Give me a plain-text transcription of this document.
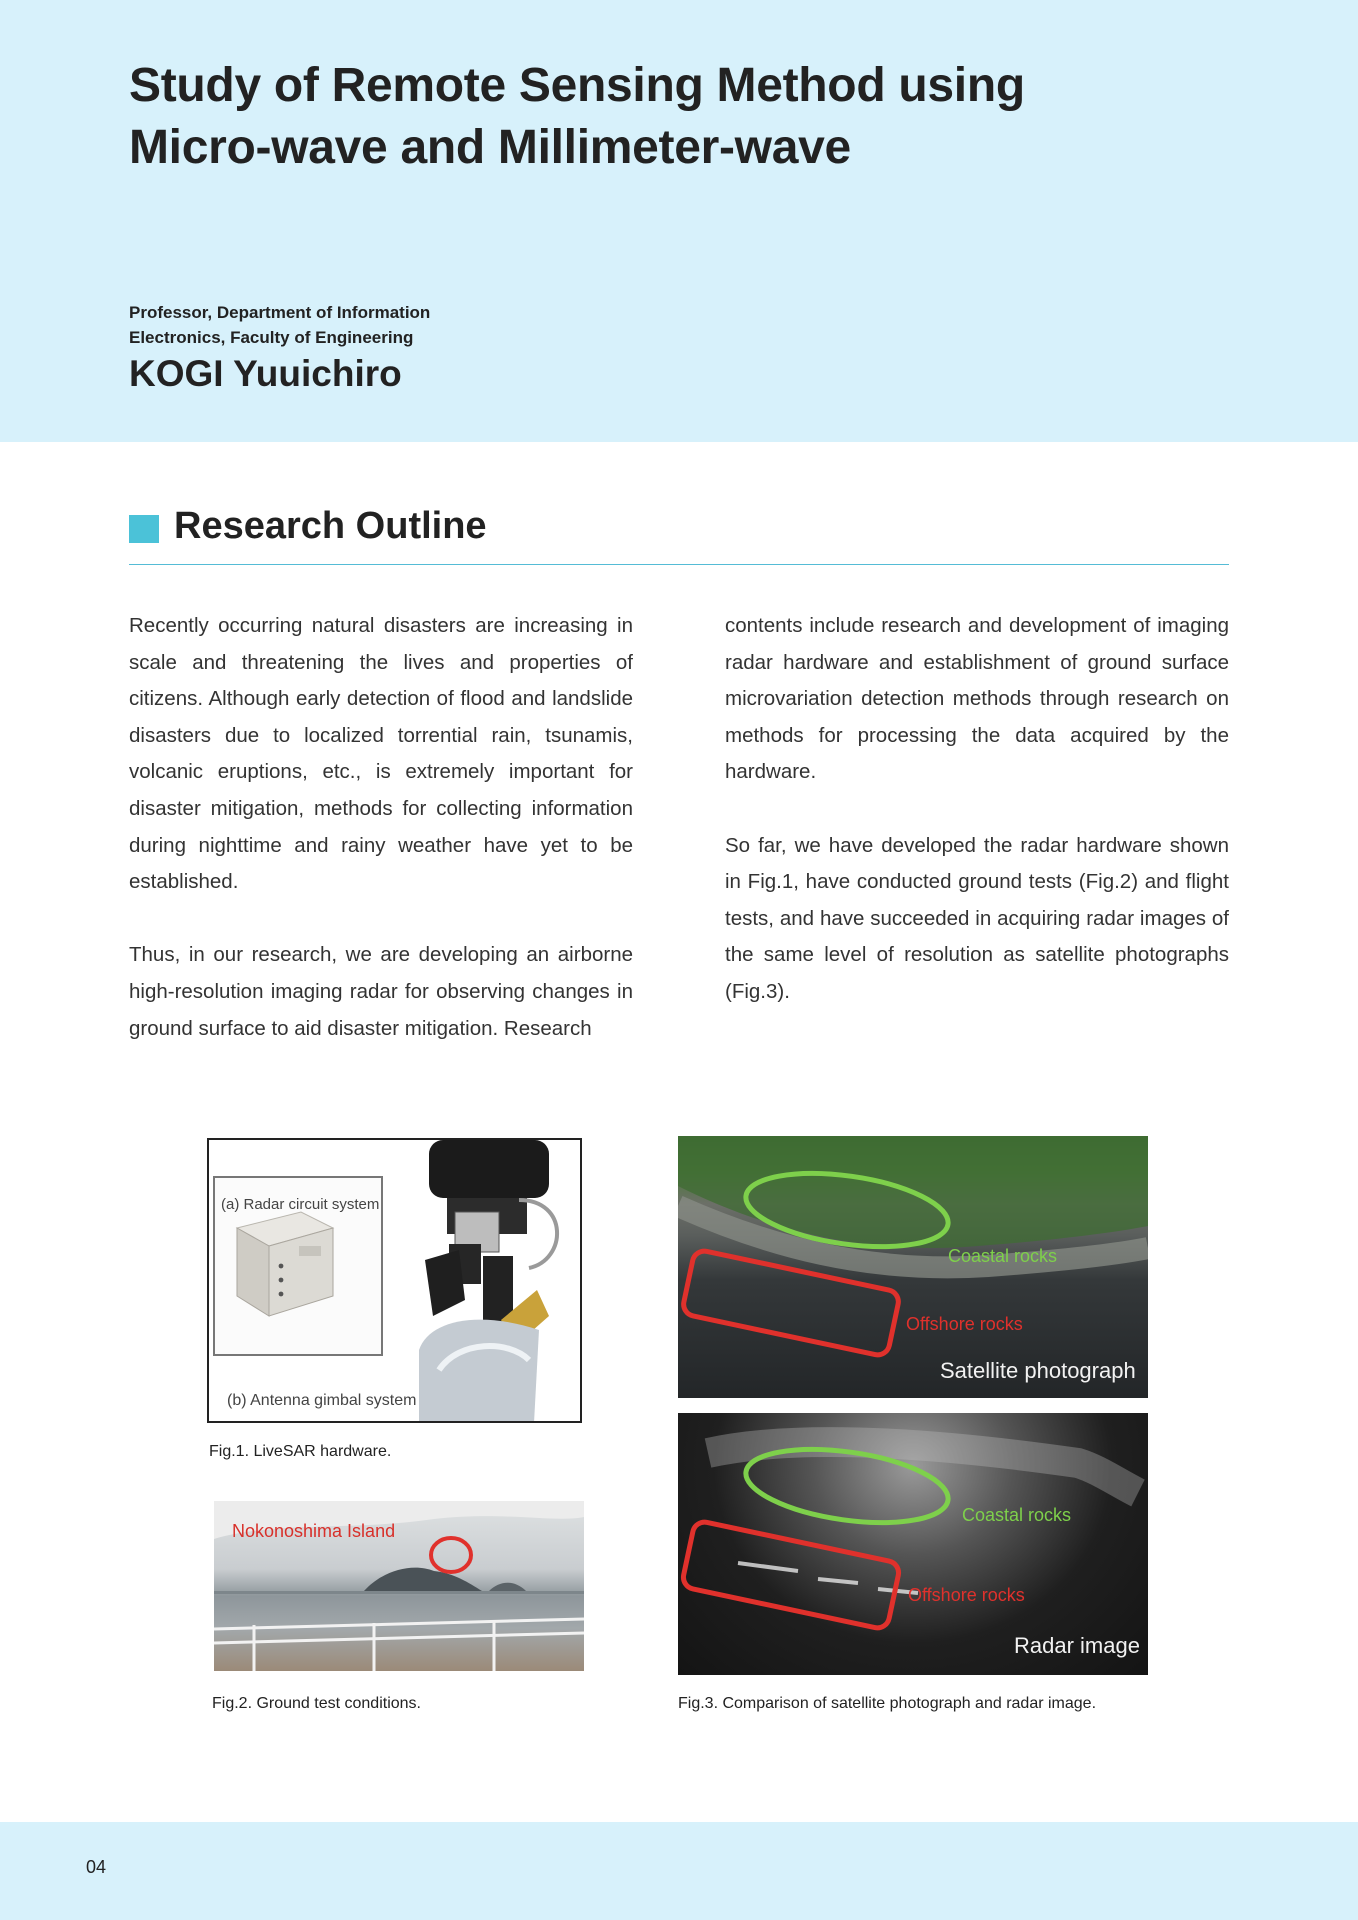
Study of Remote Sensing Method using
Micro-wave and Millimeter-wave
Professor, Department of Information
Electronics, Faculty of Engineering
KOGI Yuuichiro
Research Outline

Recently occurring natural disasters are increasing in scale and threatening the lives and properties of citizens. Although early detection of flood and landslide disasters due to localized torrential rain, tsunamis, volcanic eruptions, etc., is extremely important for disaster mitigation, methods for collecting information during nighttime and rainy weather have yet to be established.

Thus, in our research, we are developing an airborne high-resolution imaging radar for observing changes in ground surface to aid disaster mitigation. Research

contents include research and development of imaging radar hardware and establishment of ground surface microvariation detection methods through research on methods for processing the data acquired by the hardware.

So far, we have developed the radar hardware shown in Fig.1, have conducted ground tests (Fig.2) and flight tests, and have succeeded in acquiring radar images of the same level of resolution as satellite photographs (Fig.3).

(a) Radar circuit system
(b) Antenna gimbal system
Fig.1. LiveSAR hardware.
Nokonoshima Island
Fig.2. Ground test conditions.
Coastal rocks
Offshore rocks
Satellite photograph
Coastal rocks
Offshore rocks
Radar image
Fig.3. Comparison of satellite photograph and radar image.
04
